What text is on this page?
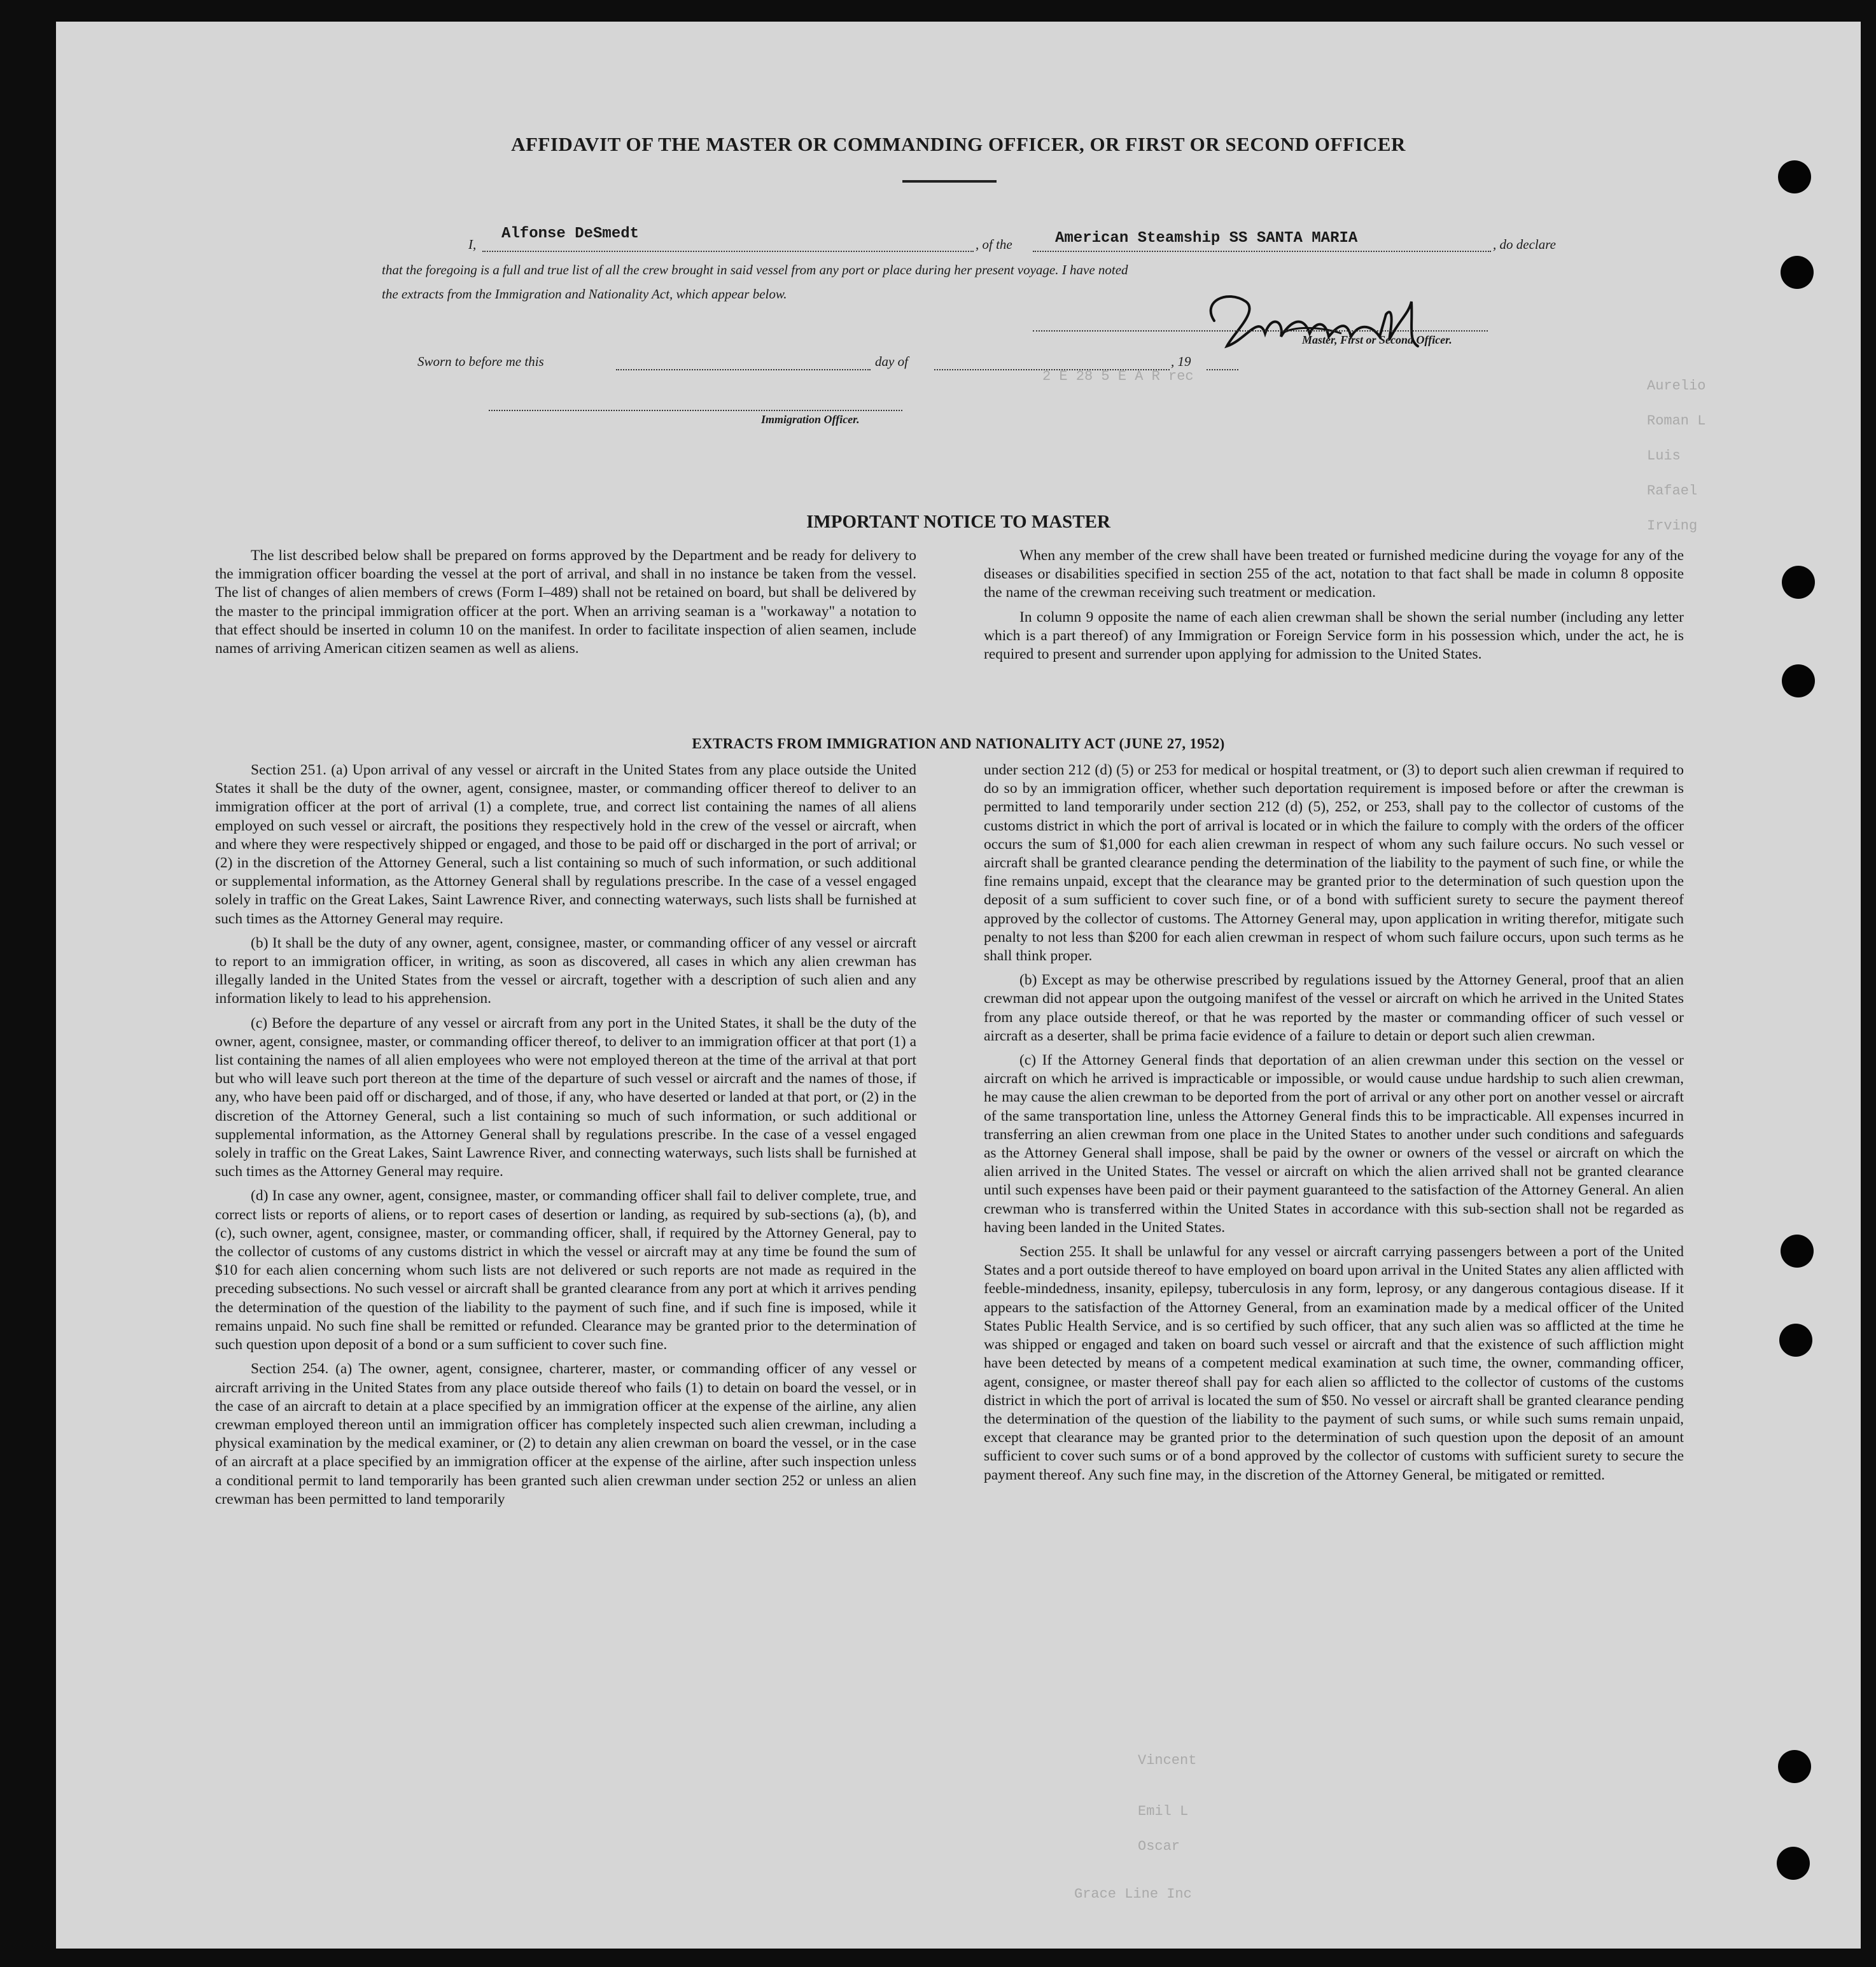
2 E 28 5 E A R rec
Aurelio
Roman L
Luis
Rafael
Irving
Vincent
Emil L
Oscar
Grace Line Inc
AFFIDAVIT OF THE MASTER OR COMMANDING OFFICER, OR FIRST OR SECOND OFFICER
I,
Alfonse DeSmedt
, of the	American Steamship SS SANTA MARIA	, do declare
that the foregoing is a full and true list of all the crew brought in said vessel from any port or place during her present voyage. I have noted
the extracts from the Immigration and Nationality Act, which appear below.
Master, First or Second Officer.
Sworn to before me this	day of	, 19
Immigration Officer.
IMPORTANT NOTICE TO MASTER

The list described below shall be prepared on forms approved by the Department and be ready for delivery to the immigration officer boarding the vessel at the port of arrival, and shall in no instance be taken from the vessel. The list of changes of alien members of crews (Form I–489) shall not be retained on board, but shall be delivered by the master to the principal immigration officer at the port. When an arriving seaman is a "workaway" a notation to that effect should be inserted in column 10 on the manifest. In order to facilitate inspection of alien seamen, include names of arriving American citizen seamen as well as aliens.

When any member of the crew shall have been treated or furnished medicine during the voyage for any of the diseases or disabilities specified in section 255 of the act, notation to that fact shall be made in column 8 opposite the name of the crewman receiving such treatment or medication.

In column 9 opposite the name of each alien crewman shall be shown the serial number (including any letter which is a part thereof) of any Immigration or Foreign Service form in his possession which, under the act, he is required to present and surrender upon applying for admission to the United States.

EXTRACTS FROM IMMIGRATION AND NATIONALITY ACT (JUNE 27, 1952)

Section 251. (a) Upon arrival of any vessel or aircraft in the United States from any place outside the United States it shall be the duty of the owner, agent, consignee, master, or commanding officer thereof to deliver to an immigration officer at the port of arrival (1) a complete, true, and correct list containing the names of all aliens employed on such vessel or aircraft, the positions they respectively hold in the crew of the vessel or aircraft, when and where they were respectively shipped or engaged, and those to be paid off or discharged in the port of arrival; or (2) in the discretion of the Attorney General, such a list containing so much of such information, or such additional or supplemental information, as the Attorney General shall by regulations prescribe. In the case of a vessel engaged solely in traffic on the Great Lakes, Saint Lawrence River, and connecting waterways, such lists shall be furnished at such times as the Attorney General may require.

(b) It shall be the duty of any owner, agent, consignee, master, or commanding officer of any vessel or aircraft to report to an immigration officer, in writing, as soon as discovered, all cases in which any alien crewman has illegally landed in the United States from the vessel or aircraft, together with a description of such alien and any information likely to lead to his apprehension.

(c) Before the departure of any vessel or aircraft from any port in the United States, it shall be the duty of the owner, agent, consignee, master, or commanding officer thereof, to deliver to an immigration officer at that port (1) a list containing the names of all alien employees who were not employed thereon at the time of the arrival at that port but who will leave such port thereon at the time of the departure of such vessel or aircraft and the names of those, if any, who have been paid off or discharged, and of those, if any, who have deserted or landed at that port, or (2) in the discretion of the Attorney General, such a list containing so much of such information, or such additional or supplemental information, as the Attorney General shall by regulations prescribe. In the case of a vessel engaged solely in traffic on the Great Lakes, Saint Lawrence River, and connecting waterways, such lists shall be furnished at such times as the Attorney General may require.

(d) In case any owner, agent, consignee, master, or commanding officer shall fail to deliver complete, true, and correct lists or reports of aliens, or to report cases of desertion or landing, as required by sub-sections (a), (b), and (c), such owner, agent, consignee, master, or commanding officer, shall, if required by the Attorney General, pay to the collector of customs of any customs district in which the vessel or aircraft may at any time be found the sum of $10 for each alien concerning whom such lists are not delivered or such reports are not made as required in the preceding subsections. No such vessel or aircraft shall be granted clearance from any port at which it arrives pending the determination of the question of the liability to the payment of such fine, and if such fine is imposed, while it remains unpaid. No such fine shall be remitted or refunded. Clearance may be granted prior to the determination of such question upon deposit of a bond or a sum sufficient to cover such fine.

Section 254. (a) The owner, agent, consignee, charterer, master, or commanding officer of any vessel or aircraft arriving in the United States from any place outside thereof who fails (1) to detain on board the vessel, or in the case of an aircraft to detain at a place specified by an immigration officer at the expense of the airline, any alien crewman employed thereon until an immigration officer has completely inspected such alien crewman, including a physical examination by the medical examiner, or (2) to detain any alien crewman on board the vessel, or in the case of an aircraft at a place specified by an immigration officer at the expense of the airline, after such inspection unless a conditional permit to land temporarily has been granted such alien crewman under section 252 or unless an alien crewman has been permitted to land temporarily

under section 212 (d) (5) or 253 for medical or hospital treatment, or (3) to deport such alien crewman if required to do so by an immigration officer, whether such deportation requirement is imposed before or after the crewman is permitted to land temporarily under section 212 (d) (5), 252, or 253, shall pay to the collector of customs of the customs district in which the port of arrival is located or in which the failure to comply with the orders of the officer occurs the sum of $1,000 for each alien crewman in respect of whom any such failure occurs. No such vessel or aircraft shall be granted clearance pending the determination of the liability to the payment of such fine, or while the fine remains unpaid, except that the clearance may be granted prior to the determination of such question upon the deposit of a sum sufficient to cover such fine, or of a bond with sufficient surety to secure the payment thereof approved by the collector of customs. The Attorney General may, upon application in writing therefor, mitigate such penalty to not less than $200 for each alien crewman in respect of whom such failure occurs, upon such terms as he shall think proper.

(b) Except as may be otherwise prescribed by regulations issued by the Attorney General, proof that an alien crewman did not appear upon the outgoing manifest of the vessel or aircraft on which he arrived in the United States from any place outside thereof, or that he was reported by the master or commanding officer of such vessel or aircraft as a deserter, shall be prima facie evidence of a failure to detain or deport such alien crewman.

(c) If the Attorney General finds that deportation of an alien crewman under this section on the vessel or aircraft on which he arrived is impracticable or impossible, or would cause undue hardship to such alien crewman, he may cause the alien crewman to be deported from the port of arrival or any other port on another vessel or aircraft of the same transportation line, unless the Attorney General finds this to be impracticable. All expenses incurred in transferring an alien crewman from one place in the United States to another under such conditions and safeguards as the Attorney General shall impose, shall be paid by the owner or owners of the vessel or aircraft on which the alien arrived in the United States. The vessel or aircraft on which the alien arrived shall not be granted clearance until such expenses have been paid or their payment guaranteed to the satisfaction of the Attorney General. An alien crewman who is transferred within the United States in accordance with this sub-section shall not be regarded as having been landed in the United States.

Section 255. It shall be unlawful for any vessel or aircraft carrying passengers between a port of the United States and a port outside thereof to have employed on board upon arrival in the United States any alien afflicted with feeble-mindedness, insanity, epilepsy, tuberculosis in any form, leprosy, or any dangerous contagious disease. If it appears to the satisfaction of the Attorney General, from an examination made by a medical officer of the United States Public Health Service, and is so certified by such officer, that any such alien was so afflicted at the time he was shipped or engaged and taken on board such vessel or aircraft and that the existence of such affliction might have been detected by means of a competent medical examination at such time, the owner, commanding officer, agent, consignee, or master thereof shall pay for each alien so afflicted to the collector of customs of the customs district in which the port of arrival is located the sum of $50. No vessel or aircraft shall be granted clearance pending the determination of the question of the liability to the payment of such sums, or while such sums remain unpaid, except that clearance may be granted prior to the determination of such question upon the deposit of an amount sufficient to cover such sums or of a bond approved by the collector of customs with sufficient surety to secure the payment thereof. Any such fine may, in the discretion of the Attorney General, be mitigated or remitted.
